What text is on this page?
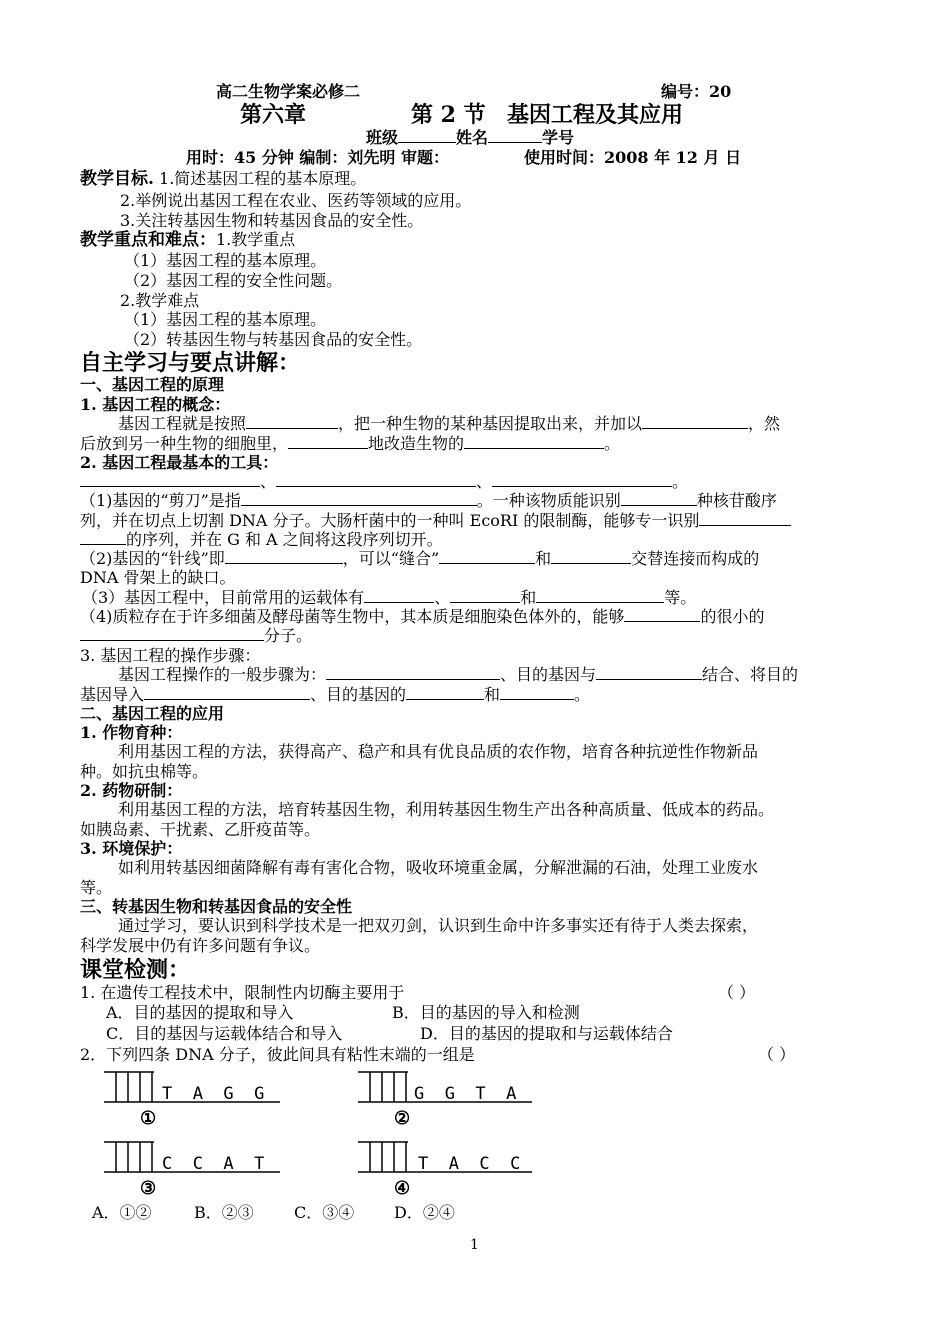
高二生物学案必修二	编号：20
第六章	第 2 节 基因工程及其应用
班级	姓名	学号
用时：45 分钟 编制：刘先明 审题：	使用时间：2008 年 12 月 日
教学目标. 1.简述基因工程的基本原理。
2.举例说出基因工程在农业、医药等领域的应用。
3.关注转基因生物和转基因食品的安全性。
教学重点和难点：1.教学重点
（1）基因工程的基本原理。
（2）基因工程的安全性问题。
2.教学难点
（1）基因工程的基本原理。
（2）转基因生物与转基因食品的安全性。
自主学习与要点讲解：
一、基因工程的原理
1. 基因工程的概念：
基因工程就是按照	，把一种生物的某种基因提取出来，并加以	，然
后放到另一种生物的细胞里，	地改造生物的	。
2. 基因工程最基本的工具：
、	、	。
（1)基因的“剪刀”是指	。一种该物质能识别	种核苷酸序
列，并在切点上切割 DNA 分子。大肠杆菌中的一种叫 EcoRI 的限制酶，能够专一识别
的序列，并在 G 和 A 之间将这段序列切开。
（2)基因的“针线”即	，可以“缝合”	和	交替连接而构成的
DNA 骨架上的缺口。
（3）基因工程中，目前常用的运载体有	、	和	等。
（4)质粒存在于许多细菌及酵母菌等生物中，其本质是细胞染色体外的，能够	的很小的
分子。
3. 基因工程的操作步骤：
基因工程操作的一般步骤为：	、目的基因与	结合、将目的
基因导入	、目的基因的	和	。
二、基因工程的应用
1. 作物育种：
利用基因工程的方法，获得高产、稳产和具有优良品质的农作物，培育各种抗逆性作物新品
种。如抗虫棉等。
2. 药物研制：
利用基因工程的方法，培育转基因生物，利用转基因生物生产出各种高质量、低成本的药品。
如胰岛素、干扰素、乙肝疫苗等。
3. 环境保护：
如利用转基因细菌降解有毒有害化合物，吸收环境重金属，分解泄漏的石油，处理工业废水
等。
三、转基因生物和转基因食品的安全性
通过学习，要认识到科学技术是一把双刃剑，认识到生命中许多事实还有待于人类去探索，
科学发展中仍有许多问题有争议。
课堂检测：
1. 在遗传工程技术中，限制性内切酶主要用于	（ ）
A．目的基因的提取和导入	B．目的基因的导入和检测
C．目的基因与运载体结合和导入	D．目的基因的提取和与运载体结合
2．下列四条 DNA 分子，彼此间具有粘性末端的一组是	（ ）
T  A  G  G
①
G  G  T  A
②
C  C  A  T
③
T  A  C  C
④
A．①②	B．②③	C．③④ D．②④
1
